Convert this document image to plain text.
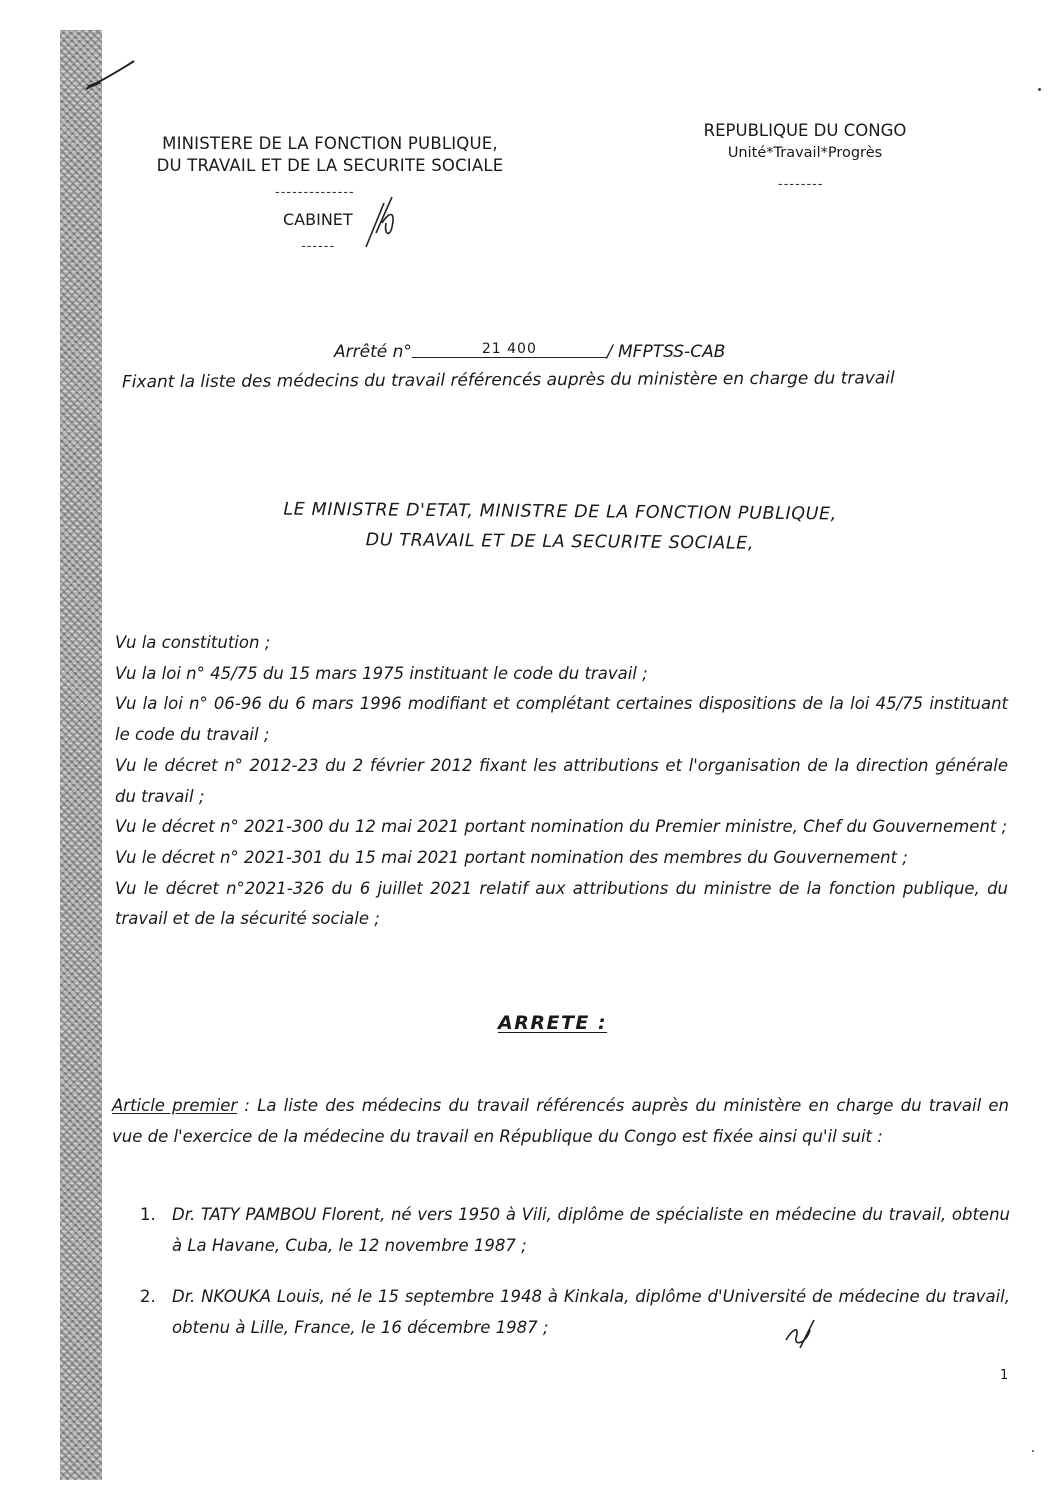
MINISTERE DE LA FONCTION PUBLIQUE,
DU TRAVAIL ET DE LA SECURITE SOCIALE
--------------
CABINET
------
REPUBLIQUE DU CONGO
Unité*Travail*Progrès
--------
Arrêté n°	21 400	/ MFPTSS-CAB
Fixant la liste des médecins du travail référencés auprès du ministère en charge du travail
LE MINISTRE D'ETAT, MINISTRE DE LA FONCTION PUBLIQUE,
DU TRAVAIL ET DE LA SECURITE SOCIALE,

Vu la constitution ;

Vu la loi n° 45/75 du 15 mars 1975 instituant le code du travail ;

Vu la loi n° 06-96 du 6 mars 1996 modifiant et complétant certaines dispositions de la loi 45/75 instituant le code du travail ;

Vu le décret n° 2012-23 du 2 février 2012 fixant les attributions et l'organisation de la direction générale du travail ;

Vu le décret n° 2021-300 du 12 mai 2021 portant nomination du Premier ministre, Chef du Gouvernement ;

Vu le décret n° 2021-301 du 15 mai 2021 portant nomination des membres du Gouvernement ;

Vu le décret n°2021-326 du 6 juillet 2021 relatif aux attributions du ministre de la fonction publique, du travail et de la sécurité sociale ;

ARRETE :
Article premier : La liste des médecins du travail référencés auprès du ministère en charge du travail en vue de l'exercice de la médecine du travail en République du Congo est fixée ainsi qu'il suit :
1. Dr. TATY PAMBOU Florent, né vers 1950 à Vili, diplôme de spécialiste en médecine du travail, obtenu à La Havane, Cuba, le 12 novembre 1987 ;
2. Dr. NKOUKA Louis, né le 15 septembre 1948 à Kinkala, diplôme d'Université de médecine du travail, obtenu à Lille, France, le 16 décembre 1987 ;
1
